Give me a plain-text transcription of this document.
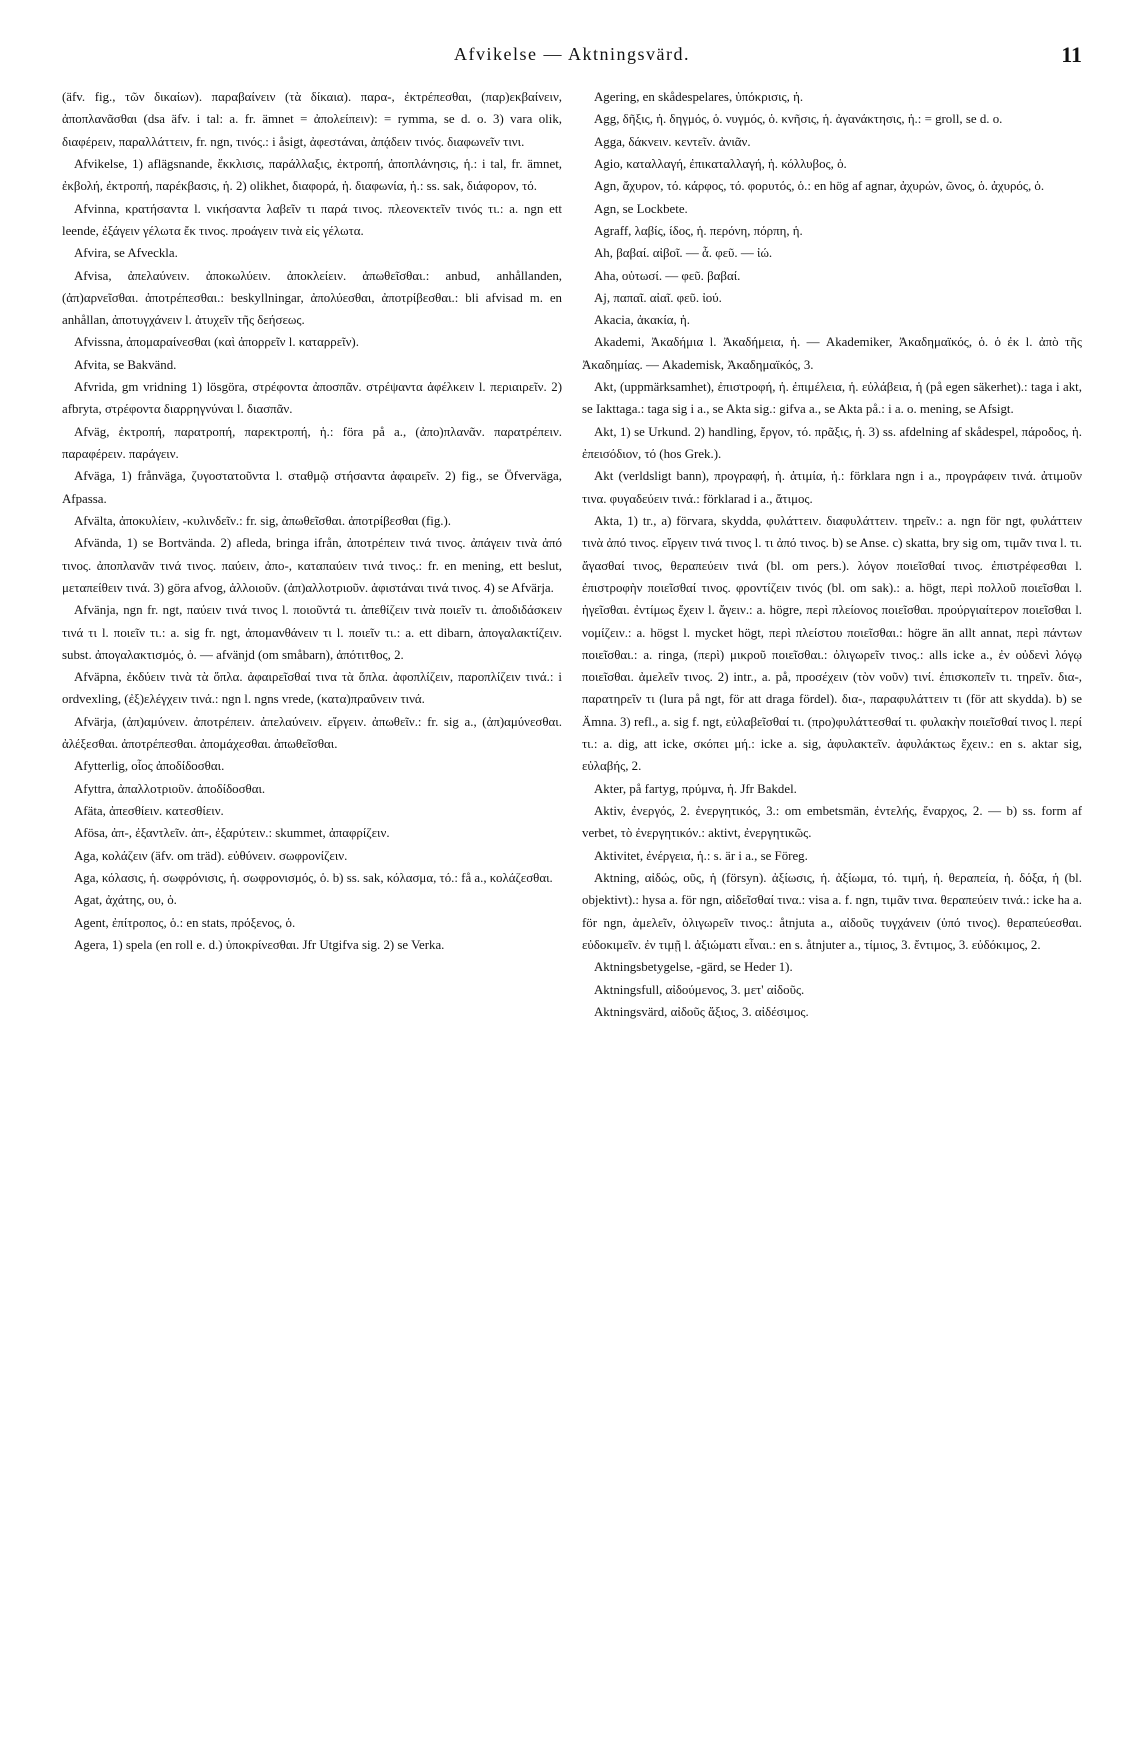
Afvikelse — Aktningsvärd.	11

(äfv. fig., τῶν δικαίων). παραβαίνειν (τὰ δίκαια). παρα-, ἐκτρέπεσθαι, (παρ)εκβαίνειν, ἀποπλανᾶσθαι (dsa äfv. i tal: a. fr. ämnet = ἀπολείπειν): = rymma, se d. o. 3) vara olik, διαφέρειν, παραλλάττειν, fr. ngn, τινός.: i åsigt, ἀφεστάναι, ἀπᾴδειν τινός. διαφωνεῖν τινι.

Afvikelse, 1) aflägsnande, ἔκκλισις, παράλλαξις, ἐκτροπή, ἀποπλάνησις, ἡ.: i tal, fr. ämnet, ἐκβολή, ἐκτροπή, παρέκβασις, ἡ. 2) olikhet, διαφορά, ἡ. διαφωνία, ἡ.: ss. sak, διάφορον, τό.

Afvinna, κρατήσαντα l. νικήσαντα λαβεῖν τι παρά τινος. πλεονεκτεῖν τινός τι.: a. ngn ett leende, ἐξάγειν γέλωτα ἔκ τινος. προάγειν τινὰ εἰς γέλωτα.

Afvira, se Afveckla.

Afvisa, ἀπελαύνειν. ἀποκωλύειν. ἀποκλείειν. ἀπωθεῖσθαι.: anbud, anhållanden, (ἀπ)αρνεῖσθαι. ἀποτρέπεσθαι.: beskyllningar, ἀπολύεσθαι, ἀποτρίβεσθαι.: bli afvisad m. en anhållan, ἀποτυγχάνειν l. ἀτυχεῖν τῆς δεήσεως.

Afvissna, ἀπομαραίνεσθαι (καὶ ἀπορρεῖν l. καταρρεῖν).

Afvita, se Bakvänd.

Afvrida, gm vridning 1) lösgöra, στρέφοντα ἀποσπᾶν. στρέψαντα ἀφέλκειν l. περιαιρεῖν. 2) afbryta, στρέφοντα διαρρηγνύναι l. διασπᾶν.

Afväg, ἐκτροπή, παρατροπή, παρεκτροπή, ἡ.: föra på a., (ἀπο)πλανᾶν. παρατρέπειν. παραφέρειν. παράγειν.

Afväga, 1) frånväga, ζυγοστατοῦντα l. σταθμῷ στήσαντα ἀφαιρεῖν. 2) fig., se Öfverväga, Afpassa.

Afvälta, ἀποκυλίειν, -κυλινδεῖν.: fr. sig, ἀπωθεῖσθαι. ἀποτρίβεσθαι (fig.).

Afvända, 1) se Bortvända. 2) afleda, bringa ifrån, ἀποτρέπειν τινά τινος. ἀπάγειν τινὰ ἀπό τινος. ἀποπλανᾶν τινά τινος. παύειν, ἀπο-, καταπαύειν τινά τινος.: fr. en mening, ett beslut, μεταπείθειν τινά. 3) göra afvog, ἀλλοιοῦν. (ἀπ)αλλοτριοῦν. ἀφιστάναι τινά τινος. 4) se Afvärja.

Afvänja, ngn fr. ngt, παύειν τινά τινος l. ποιοῦντά τι. ἀπεθίζειν τινὰ ποιεῖν τι. ἀποδιδάσκειν τινά τι l. ποιεῖν τι.: a. sig fr. ngt, ἀπομανθάνειν τι l. ποιεῖν τι.: a. ett dibarn, ἀπογαλακτίζειν. subst. ἀπογαλακτισμός, ὁ. — afvänjd (om småbarn), ἀπότιτθος, 2.

Afväpna, ἐκδύειν τινὰ τὰ ὅπλα. ἀφαιρεῖσθαί τινα τὰ ὅπλα. ἀφοπλίζειν, παροπλίζειν τινά.: i ordvexling, (ἐξ)ελέγχειν τινά.: ngn l. ngns vrede, (κατα)πραΰνειν τινά.

Afvärja, (ἀπ)αμύνειν. ἀποτρέπειν. ἀπελαύνειν. εἴργειν. ἀπωθεῖν.: fr. sig a., (ἀπ)αμύνεσθαι. ἀλέξεσθαι. ἀποτρέπεσθαι. ἀπομάχεσθαι. ἀπωθεῖσθαι.

Afytterlig, οἷος ἀποδίδοσθαι.

Afyttra, ἀπαλλοτριοῦν. ἀποδίδοσθαι.

Afäta, ἀπεσθίειν. κατεσθίειν.

Afösa, ἀπ-, ἐξαντλεῖν. ἀπ-, ἐξαρύτειν.: skummet, ἀπαφρίζειν.

Aga, κολάζειν (äfv. om träd). εὐθύνειν. σωφρονίζειν.

Aga, κόλασις, ἡ. σωφρόνισις, ἡ. σωφρονισμός, ὁ. b) ss. sak, κόλασμα, τό.: få a., κολάζεσθαι.

Agat, ἀχάτης, ου, ὁ.

Agent, ἐπίτροπος, ὁ.: en stats, πρόξενος, ὁ.

Agera, 1) spela (en roll e. d.) ὑποκρίνεσθαι. Jfr Utgifva sig. 2) se Verka.

Agering, en skådespelares, ὑπόκρισις, ἡ.

Agg, δῆξις, ἡ. δηγμός, ὁ. νυγμός, ὁ. κνῆσις, ἡ. ἀγανάκτησις, ἡ.: = groll, se d. o.

Agga, δάκνειν. κεντεῖν. ἀνιᾶν.

Agio, καταλλαγή, ἐπικαταλλαγή, ἡ. κόλλυβος, ὁ.

Agn, ἄχυρον, τό. κάρφος, τό. φορυτός, ὁ.: en hög af agnar, ἀχυρών, ῶνος, ὁ. ἀχυρός, ὁ.

Agn, se Lockbete.

Agraff, λαβίς, ίδος, ἡ. περόνη, πόρπη, ἡ.

Ah, βαβαί. αἰβοῖ. — ἆ. φεῦ. — ἰώ.

Aha, οὑτωσί. — φεῦ. βαβαί.

Aj, παπαῖ. αἰαῖ. φεῦ. ἰού.

Akacia, ἀκακία, ἡ.

Akademi, Ἀκαδήμια l. Ἀκαδήμεια, ἡ. — Akademiker, Ἀκαδημαϊκός, ὁ. ὁ ἐκ l. ἀπὸ τῆς Ἀκαδημίας. — Akademisk, Ἀκαδημαϊκός, 3.

Akt, (uppmärksamhet), ἐπιστροφή, ἡ. ἐπιμέλεια, ἡ. εὐλάβεια, ἡ (på egen säkerhet).: taga i akt, se Iakttaga.: taga sig i a., se Akta sig.: gifva a., se Akta på.: i a. o. mening, se Afsigt.

Akt, 1) se Urkund. 2) handling, ἔργον, τό. πρᾶξις, ἡ. 3) ss. afdelning af skådespel, πάροδος, ἡ. ἐπεισόδιον, τό (hos Grek.).

Akt (verldsligt bann), προγραφή, ἡ. ἀτιμία, ἡ.: förklara ngn i a., προγράφειν τινά. ἀτιμοῦν τινα. φυγαδεύειν τινά.: förklarad i a., ἄτιμος.

Akta, 1) tr., a) förvara, skydda, φυλάττειν. διαφυλάττειν. τηρεῖν.: a. ngn för ngt, φυλάττειν τινὰ ἀπό τινος. εἴργειν τινά τινος l. τι ἀπό τινος. b) se Anse. c) skatta, bry sig om, τιμᾶν τινα l. τι. ἄγασθαί τινος, θεραπεύειν τινά (bl. om pers.). λόγον ποιεῖσθαί τινος. ἐπιστρέφεσθαι l. ἐπιστροφὴν ποιεῖσθαί τινος. φροντίζειν τινός (bl. om sak).: a. högt, περὶ πολλοῦ ποιεῖσθαι l. ἡγεῖσθαι. ἐντίμως ἔχειν l. ἄγειν.: a. högre, περὶ πλείονος ποιεῖσθαι. προύργιαίτερον ποιεῖσθαι l. νομίζειν.: a. högst l. mycket högt, περὶ πλείστου ποιεῖσθαι.: högre än allt annat, περὶ πάντων ποιεῖσθαι.: a. ringa, (περὶ) μικροῦ ποιεῖσθαι.: ὀλιγωρεῖν τινος.: alls icke a., ἐν οὐδενὶ λόγῳ ποιεῖσθαι. ἀμελεῖν τινος. 2) intr., a. på, προσέχειν (τὸν νοῦν) τινί. ἐπισκοπεῖν τι. τηρεῖν. δια-, παρατηρεῖν τι (lura på ngt, för att draga fördel). δια-, παραφυλάττειν τι (för att skydda). b) se Ämna. 3) refl., a. sig f. ngt, εὐλαβεῖσθαί τι. (προ)φυλάττεσθαί τι. φυλακὴν ποιεῖσθαί τινος l. περί τι.: a. dig, att icke, σκόπει μή.: icke a. sig, ἀφυλακτεῖν. ἀφυλάκτως ἔχειν.: en s. aktar sig, εὐλαβής, 2.

Akter, på fartyg, πρύμνα, ἡ. Jfr Bakdel.

Aktiv, ἐνεργός, 2. ἐνεργητικός, 3.: om embetsmän, ἐντελής, ἔναρχος, 2. — b) ss. form af verbet, τὸ ἐνεργητικόν.: aktivt, ἐνεργητικῶς.

Aktivitet, ἐνέργεια, ἡ.: s. är i a., se Föreg.

Aktning, αἰδώς, οῦς, ἡ (försyn). ἀξίωσις, ἡ. ἀξίωμα, τό. τιμή, ἡ. θεραπεία, ἡ. δόξα, ἡ (bl. objektivt).: hysa a. för ngn, αἰδεῖσθαί τινα.: visa a. f. ngn, τιμᾶν τινα. θεραπεύειν τινά.: icke ha a. för ngn, ἀμελεῖν, ὀλιγωρεῖν τινος.: åtnjuta a., αἰδοῦς τυγχάνειν (ὑπό τινος). θεραπεύεσθαι. εὐδοκιμεῖν. ἐν τιμῇ l. ἀξιώματι εἶναι.: en s. åtnjuter a., τίμιος, 3. ἔντιμος, 3. εὐδόκιμος, 2.

Aktningsbetygelse, -gärd, se Heder 1).

Aktningsfull, αἰδούμενος, 3. μετ' αἰδοῦς.

Aktningsvärd, αἰδοῦς ἄξιος, 3. αἰδέσιμος.
